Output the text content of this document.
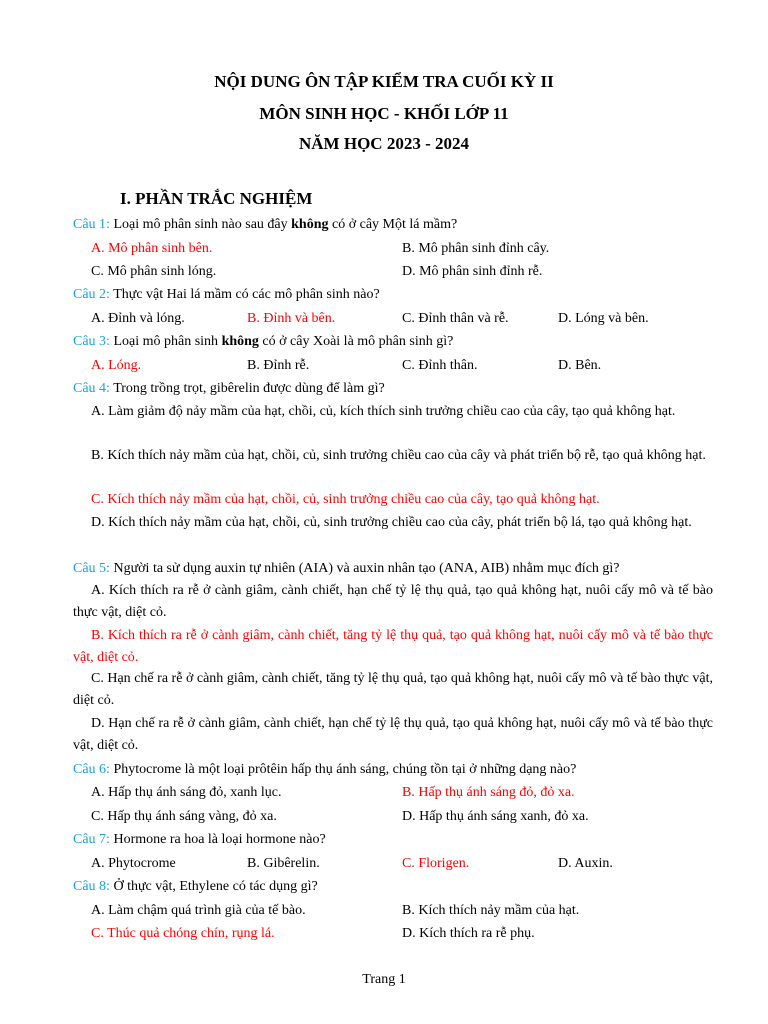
NỘI DUNG ÔN TẬP KIỂM TRA CUỐI KỲ II
MÔN SINH HỌC - KHỐI LỚP 11
NĂM HỌC 2023 - 2024
I. PHẦN TRẮC NGHIỆM
Câu 1: Loại mô phân sinh nào sau đây không có ở cây Một lá mầm?
A. Mô phân sinh bên.	B. Mô phân sinh đỉnh cây.
C. Mô phân sinh lóng.	D. Mô phân sinh đỉnh rễ.
Câu 2: Thực vật Hai lá mầm có các mô phân sinh nào?
A. Đỉnh và lóng.	B. Đỉnh và bên.	C. Đỉnh thân và rễ.	D. Lóng và bên.
Câu 3: Loại mô phân sinh không có ở cây Xoài là mô phân sinh gì?
A. Lóng.	B. Đỉnh rễ.	C. Đỉnh thân.	D. Bên.
Câu 4: Trong trồng trọt, gibêrelin được dùng để làm gì?
A. Làm giảm độ nảy mầm của hạt, chồi, củ, kích thích sinh trưởng chiều cao của cây, tạo quả không hạt.
B. Kích thích nảy mầm của hạt, chồi, củ, sinh trưởng chiều cao của cây và phát triển bộ rễ, tạo quả không hạt.
C. Kích thích nảy mầm của hạt, chồi, củ, sinh trưởng chiều cao của cây, tạo quả không hạt.
D. Kích thích nảy mầm của hạt, chồi, củ, sinh trưởng chiều cao của cây, phát triển bộ lá, tạo quả không hạt.
Câu 5: Người ta sử dụng auxin tự nhiên (AIA) và auxin nhân tạo (ANA, AIB) nhằm mục đích gì?
A. Kích thích ra rễ ở cành giâm, cành chiết, hạn chế tỷ lệ thụ quả, tạo quả không hạt, nuôi cấy mô và tế bào thực vật, diệt cỏ.
B. Kích thích ra rễ ở cành giâm, cành chiết, tăng tỷ lệ thụ quả, tạo quả không hạt, nuôi cấy mô và tế bào thực vật, diệt cỏ.
C. Hạn chế ra rễ ở cành giâm, cành chiết, tăng tỷ lệ thụ quả, tạo quả không hạt, nuôi cấy mô và tế bào thực vật, diệt cỏ.
D. Hạn chế ra rễ ở cành giâm, cành chiết, hạn chế tỷ lệ thụ quả, tạo quả không hạt, nuôi cấy mô và tế bào thực vật, diệt cỏ.
Câu 6: Phytocrome là một loại prôtêin hấp thụ ánh sáng, chúng tồn tại ở những dạng nào?
A. Hấp thụ ánh sáng đỏ, xanh lục.	B. Hấp thụ ánh sáng đỏ, đỏ xa.
C. Hấp thụ ánh sáng vàng, đỏ xa.	D. Hấp thụ ánh sáng xanh, đỏ xa.
Câu 7: Hormone ra hoa là loại hormone nào?
A. Phytocrome	B. Gibêrelin.	C. Florigen.	D. Auxin.
Câu 8: Ở thực vật, Ethylene có tác dụng gì?
A. Làm chậm quá trình già của tế bào.	B. Kích thích nảy mầm của hạt.
C. Thúc quả chóng chín, rụng lá.	D. Kích thích ra rễ phụ.
Trang 1
